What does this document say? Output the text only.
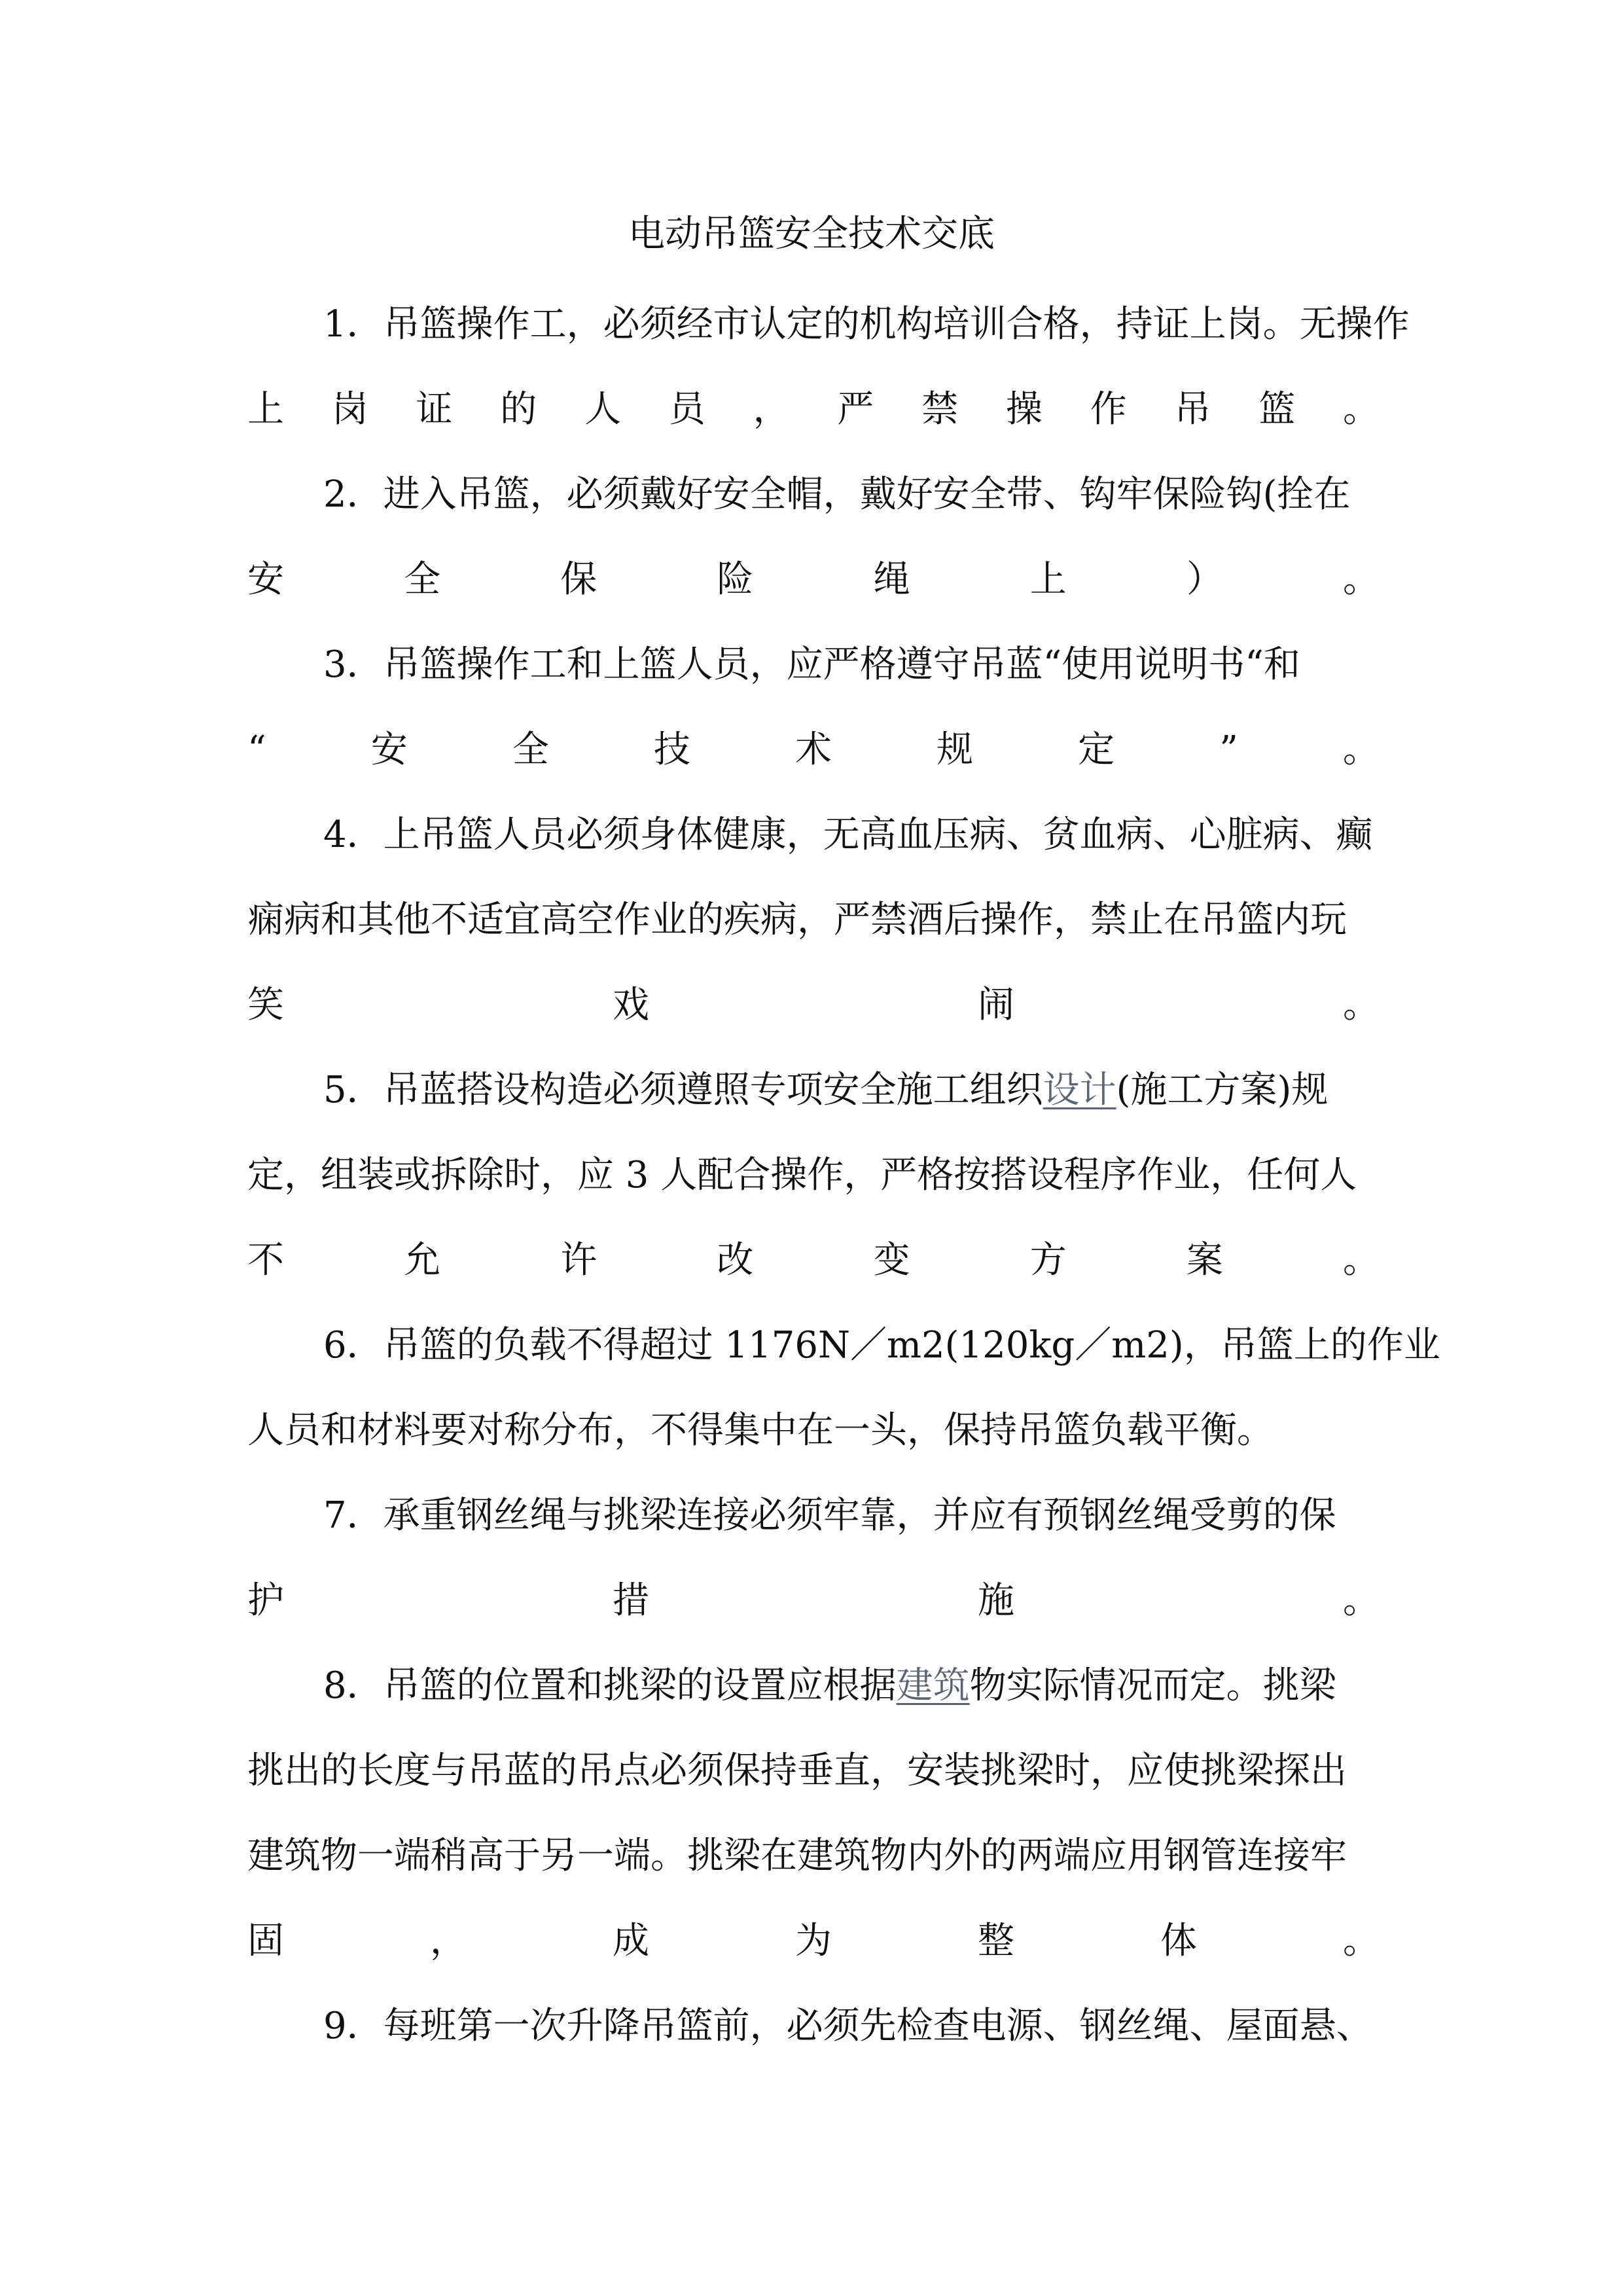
电动吊篮安全技术交底
1．吊篮操作工，必须经市认定的机构培训合格，持证上岗。无操作
上 岗 证 的 人 员 ， 严 禁 操 作 吊 篮 。
2．进入吊篮，必须戴好安全帽，戴好安全带、钩牢保险钩(拴在
安	全	保	险	绳	上	）	。
3．吊篮操作工和上篮人员，应严格遵守吊蓝“使用说明书“和
“	安	全	技	术	规	定	”	。
4．上吊篮人员必须身体健康，无高血压病、贫血病、心脏病、癫
痫病和其他不适宜高空作业的疾病，严禁酒后操作，禁止在吊篮内玩
笑	戏	闹	。
5．吊蓝搭设构造必须遵照专项安全施工组织设计(施工方案)规
定，组装或拆除时，应 3 人配合操作，严格按搭设程序作业，任何人
不	允	许	改	变	方	案	。
6．吊篮的负载不得超过 1176N／m2(120kg／m2)，吊篮上的作业
人员和材料要对称分布，不得集中在一头，保持吊篮负载平衡。
7．承重钢丝绳与挑梁连接必须牢靠，并应有预钢丝绳受剪的保
护	措	施	。
8．吊篮的位置和挑梁的设置应根据建筑物实际情况而定。挑梁
挑出的长度与吊蓝的吊点必须保持垂直，安装挑梁时，应使挑梁探出
建筑物一端稍高于另一端。挑梁在建筑物内外的两端应用钢管连接牢
固	，	成	为	整	体	。
9．每班第一次升降吊篮前，必须先检查电源、钢丝绳、屋面悬、
